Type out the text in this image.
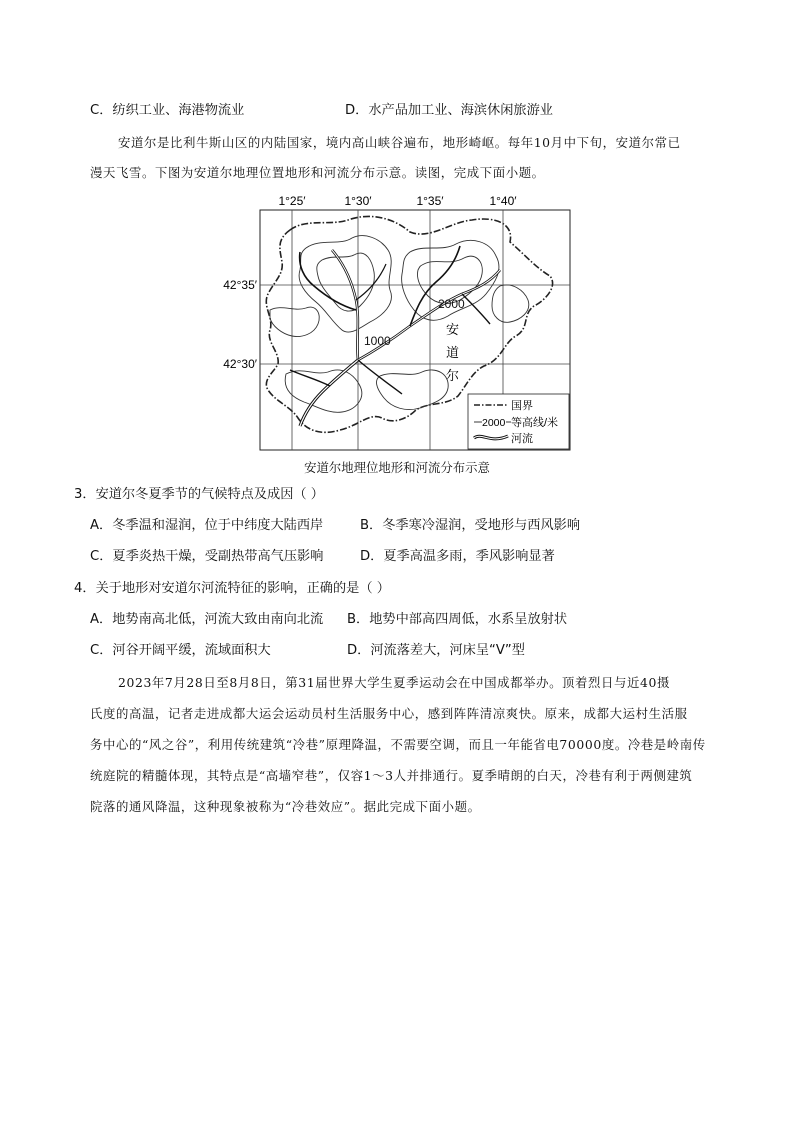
C．纺织工业、海港物流业	D．水产品加工业、海滨休闲旅游业
安道尔是比利牛斯山区的内陆国家，境内高山峡谷遍布，地形崎岖。每年10月中下旬，安道尔常已
漫天飞雪。下图为安道尔地理位置地形和河流分布示意。读图，完成下面小题。
1°25′	1°30′	1°35′	1°40′
42°35′
42°30′
2000
1000
安
道
尔
国界
2000 等高线/米
河流
安道尔地理位地形和河流分布示意
3．安道尔冬夏季节的气候特点及成因（ ）
A．冬季温和湿润，位于中纬度大陆西岸	B．冬季寒冷湿润，受地形与西风影响
C．夏季炎热干燥，受副热带高气压影响	D．夏季高温多雨，季风影响显著
4．关于地形对安道尔河流特征的影响，正确的是（ ）
A．地势南高北低，河流大致由南向北流 B．地势中部高四周低，水系呈放射状
C．河谷开阔平缓，流域面积大	D．河流落差大，河床呈“V”型
2023年7月28日至8月8日，第31届世界大学生夏季运动会在中国成都举办。顶着烈日与近40摄
氏度的高温，记者走进成都大运会运动员村生活服务中心，感到阵阵清凉爽快。原来，成都大运村生活服
务中心的“风之谷”，利用传统建筑“冷巷”原理降温，不需要空调，而且一年能省电70000度。冷巷是岭南传
统庭院的精髓体现，其特点是“高墙窄巷”，仅容1～3人并排通行。夏季晴朗的白天，冷巷有利于两侧建筑
院落的通风降温，这种现象被称为“冷巷效应”。据此完成下面小题。
